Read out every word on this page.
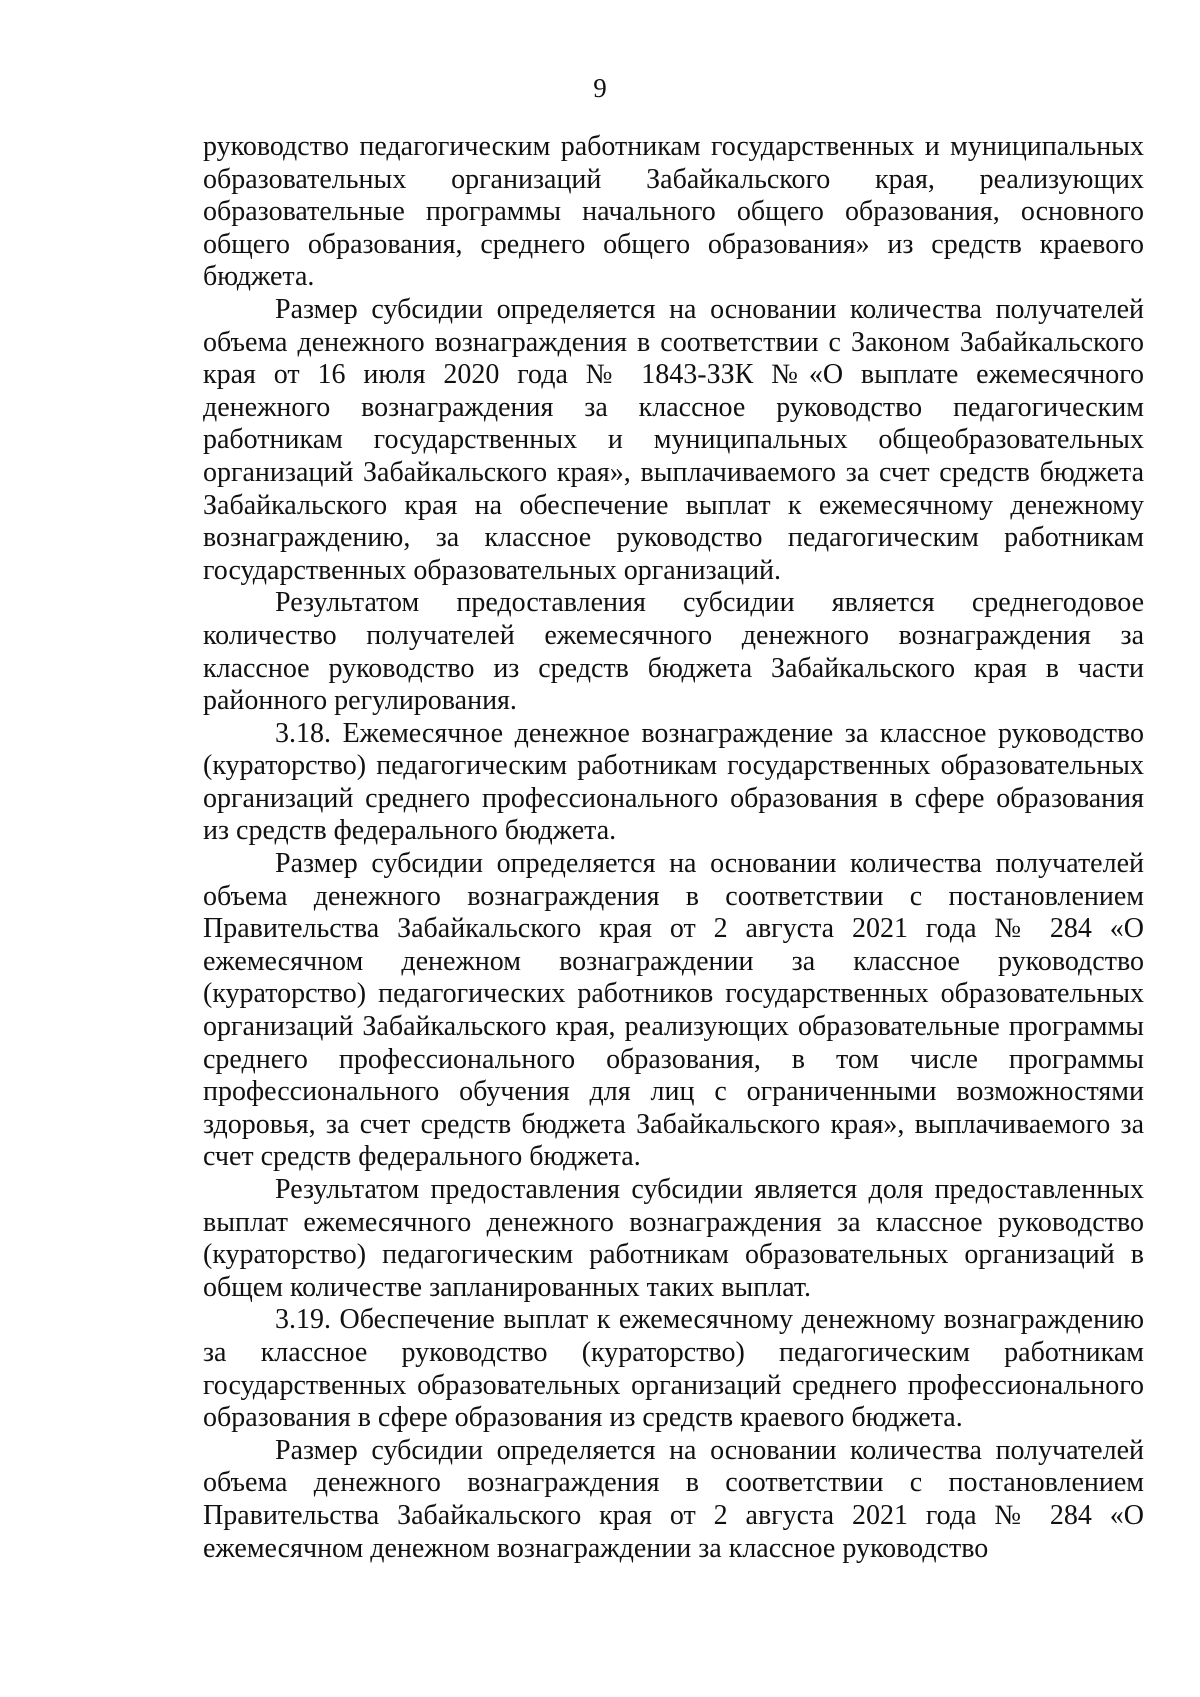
9

руководство педагогическим работникам государственных и муниципальных образовательных организаций Забайкальского края, реализующих образовательные программы начального общего образования, основного общего образования, среднего общего образования» из средств краевого бюджета.

Размер субсидии определяется на основании количества получателей объема денежного вознаграждения в соответствии с Законом Забайкальского края от 16 июля 2020 года № 1843-ЗЗК №«О выплате ежемесячного денежного вознаграждения за классное руководство педагогическим работникам государственных и муниципальных общеобразовательных организаций Забайкальского края», выплачиваемого за счет средств бюджета Забайкальского края на обеспечение выплат к ежемесячному денежному вознаграждению, за классное руководство педагогическим работникам государственных образовательных организаций.

Результатом предоставления субсидии является среднегодовое количество получателей ежемесячного денежного вознаграждения за классное руководство из средств бюджета Забайкальского края в части районного регулирования.

3.18. Ежемесячное денежное вознаграждение за классное руководство (кураторство) педагогическим работникам государственных образовательных организаций среднего профессионального образования в сфере образования из средств федерального бюджета.

Размер субсидии определяется на основании количества получателей объема денежного вознаграждения в соответствии с постановлением Правительства Забайкальского края от 2 августа 2021 года № 284 «О ежемесячном денежном вознаграждении за классное руководство (кураторство) педагогических работников государственных образовательных организаций Забайкальского края, реализующих образовательные программы среднего профессионального образования, в том числе программы профессионального обучения для лиц с ограниченными возможностями здоровья, за счет средств бюджета Забайкальского края», выплачиваемого за счет средств федерального бюджета.

Результатом предоставления субсидии является доля предоставленных выплат ежемесячного денежного вознаграждения за классное руководство (кураторство) педагогическим работникам образовательных организаций в общем количестве запланированных таких выплат.

3.19. Обеспечение выплат к ежемесячному денежному вознаграждению за классное руководство (кураторство) педагогическим работникам государственных образовательных организаций среднего профессионального образования в сфере образования из средств краевого бюджета.

Размер субсидии определяется на основании количества получателей объема денежного вознаграждения в соответствии с постановлением Правительства Забайкальского края от 2 августа 2021 года № 284 «О ежемесячном денежном вознаграждении за классное руководство
